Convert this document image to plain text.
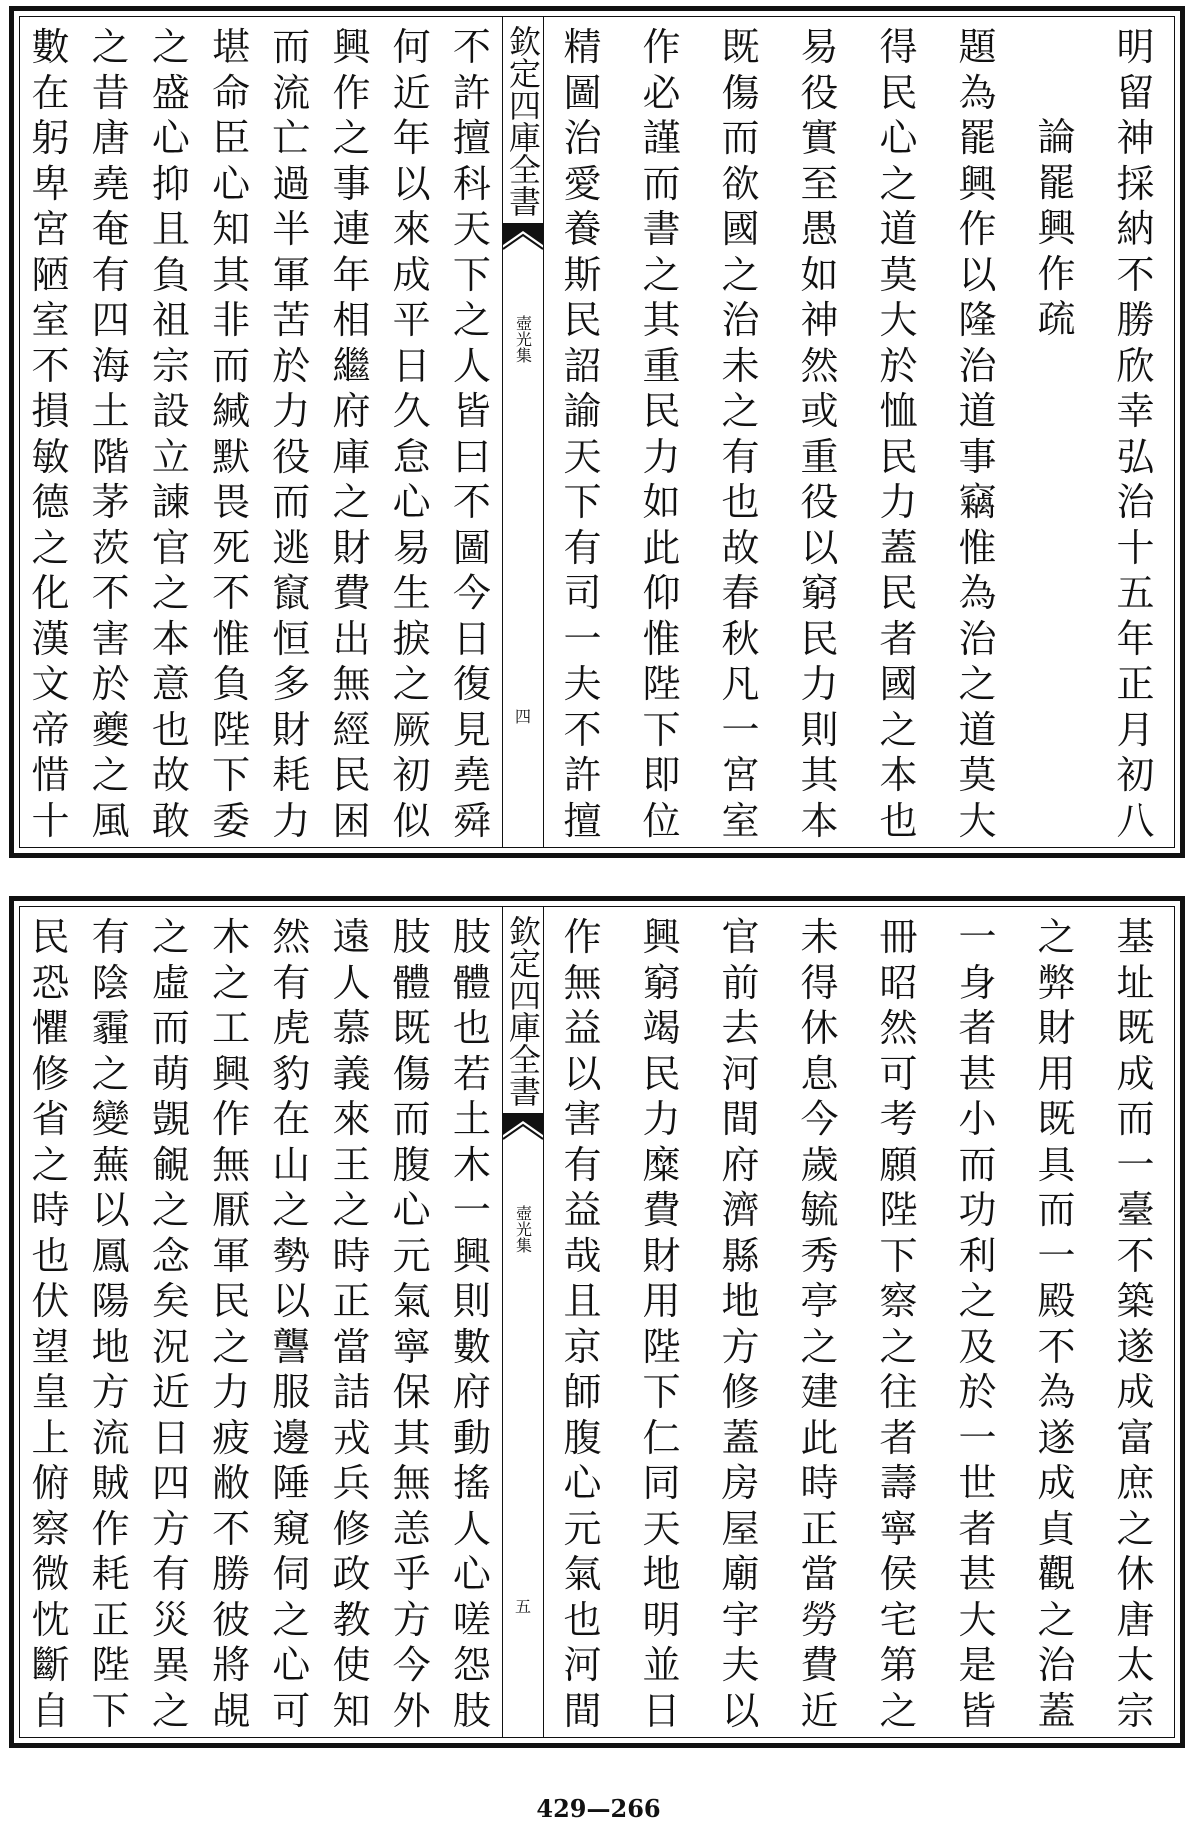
欽定四庫全書
壺光集
四
明
留
神
採
納
不
勝
欣
幸
弘
治
十
五
年
正
月
初
八
論
罷
興
作
疏
題
為
罷
興
作
以
隆
治
道
事
竊
惟
為
治
之
道
莫
大
得
民
心
之
道
莫
大
於
恤
民
力
蓋
民
者
國
之
本
也
易
役
實
至
愚
如
神
然
或
重
役
以
窮
民
力
則
其
本
既
傷
而
欲
國
之
治
未
之
有
也
故
春
秋
凡
一
宮
室
作
必
謹
而
書
之
其
重
民
力
如
此
仰
惟
陛
下
即
位
精
圖
治
愛
養
斯
民
詔
諭
天
下
有
司
一
夫
不
許
擅
不
許
擅
科
天
下
之
人
皆
曰
不
圖
今
日
復
見
堯
舜
何
近
年
以
來
成
平
日
久
怠
心
易
生
捩
之
厥
初
似
興
作
之
事
連
年
相
繼
府
庫
之
財
費
出
無
經
民
困
而
流
亡
過
半
軍
苦
於
力
役
而
逃
竄
恒
多
財
耗
力
堪
命
臣
心
知
其
非
而
緘
默
畏
死
不
惟
負
陛
下
委
之
盛
心
抑
且
負
祖
宗
設
立
諫
官
之
本
意
也
故
敢
之
昔
唐
堯
奄
有
四
海
土
階
茅
茨
不
害
於
夔
之
風
數
在
躬
卑
宮
陋
室
不
損
敏
德
之
化
漢
文
帝
惜
十
欽定四庫全書
壺光集
五
基
址
既
成
而
一
臺
不
築
遂
成
富
庶
之
休
唐
太
宗
之
弊
財
用
既
具
而
一
殿
不
為
遂
成
貞
觀
之
治
蓋
一
身
者
甚
小
而
功
利
之
及
於
一
世
者
甚
大
是
皆
冊
昭
然
可
考
願
陛
下
察
之
往
者
壽
寧
侯
宅
第
之
未
得
休
息
今
歲
毓
秀
亭
之
建
此
時
正
當
勞
費
近
官
前
去
河
間
府
濟
縣
地
方
修
蓋
房
屋
廟
宇
夫
以
興
窮
竭
民
力
糜
費
財
用
陛
下
仁
同
天
地
明
並
日
作
無
益
以
害
有
益
哉
且
京
師
腹
心
元
氣
也
河
間
肢
體
也
若
土
木
一
興
則
數
府
動
搖
人
心
嗟
怨
肢
肢
體
既
傷
而
腹
心
元
氣
寧
保
其
無
恙
乎
方
今
外
遠
人
慕
義
來
王
之
時
正
當
詰
戎
兵
修
政
教
使
知
然
有
虎
豹
在
山
之
勢
以
讋
服
邊
陲
窺
伺
之
心
可
木
之
工
興
作
無
厭
軍
民
之
力
疲
敝
不
勝
彼
將
覘
之
虛
而
萌
覬
覦
之
念
矣
況
近
日
四
方
有
災
異
之
有
陰
霾
之
變
蕪
以
鳳
陽
地
方
流
賊
作
耗
正
陛
下
民
恐
懼
修
省
之
時
也
伏
望
皇
上
俯
察
微
忱
斷
自
429—266
